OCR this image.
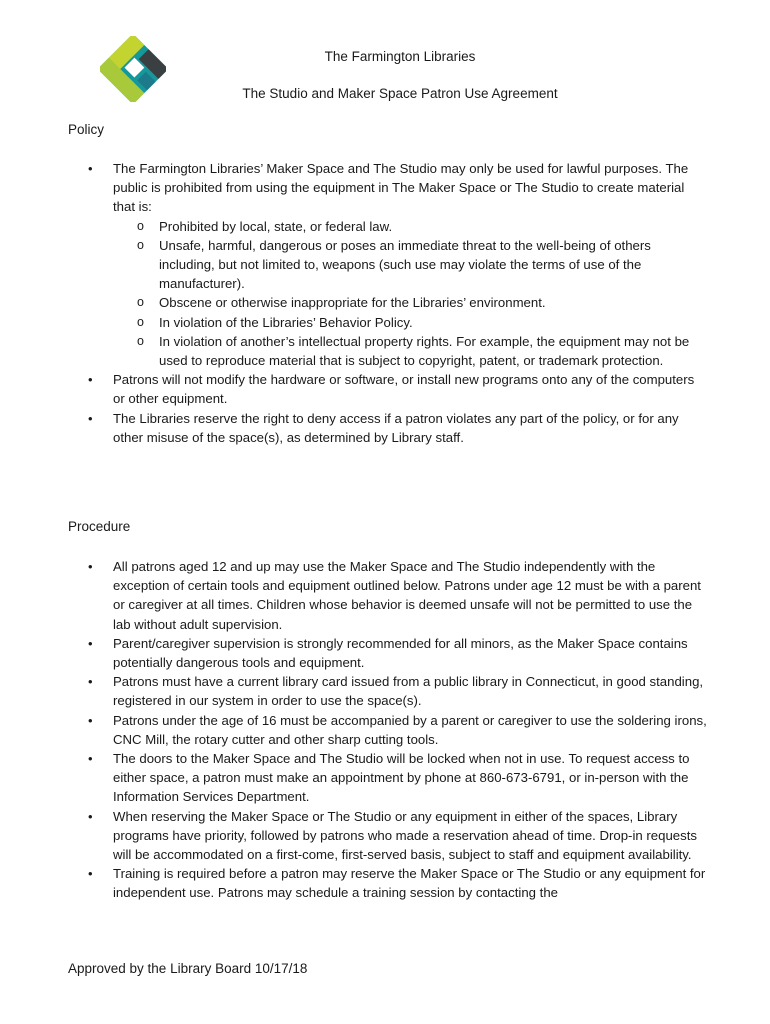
The Farmington Libraries
The Studio and Maker Space Patron Use Agreement
Policy
• The Farmington Libraries’ Maker Space and The Studio may only be used for lawful purposes. The public is prohibited from using the equipment in The Maker Space or The Studio to create material that is:
o Prohibited by local, state, or federal law.
o Unsafe, harmful, dangerous or poses an immediate threat to the well-being of others including, but not limited to, weapons (such use may violate the terms of use of the manufacturer).
o Obscene or otherwise inappropriate for the Libraries’ environment.
o In violation of the Libraries’ Behavior Policy.
o In violation of another’s intellectual property rights. For example, the equipment may not be used to reproduce material that is subject to copyright, patent, or trademark protection.
• Patrons will not modify the hardware or software, or install new programs onto any of the computers or other equipment.
• The Libraries reserve the right to deny access if a patron violates any part of the policy, or for any other misuse of the space(s), as determined by Library staff.
Procedure
• All patrons aged 12 and up may use the Maker Space and The Studio independently with the exception of certain tools and equipment outlined below. Patrons under age 12 must be with a parent or caregiver at all times. Children whose behavior is deemed unsafe will not be permitted to use the lab without adult supervision.
• Parent/caregiver supervision is strongly recommended for all minors, as the Maker Space contains potentially dangerous tools and equipment.
• Patrons must have a current library card issued from a public library in Connecticut, in good standing, registered in our system in order to use the space(s).
• Patrons under the age of 16 must be accompanied by a parent or caregiver to use the soldering irons, CNC Mill, the rotary cutter and other sharp cutting tools.
• The doors to the Maker Space and The Studio will be locked when not in use. To request access to either space, a patron must make an appointment by phone at 860-673-6791, or in-person with the Information Services Department.
• When reserving the Maker Space or The Studio or any equipment in either of the spaces, Library programs have priority, followed by patrons who made a reservation ahead of time. Drop-in requests will be accommodated on a first-come, first-served basis, subject to staff and equipment availability.
• Training is required before a patron may reserve the Maker Space or The Studio or any equipment for independent use. Patrons may schedule a training session by contacting the
Approved by the Library Board 10/17/18
